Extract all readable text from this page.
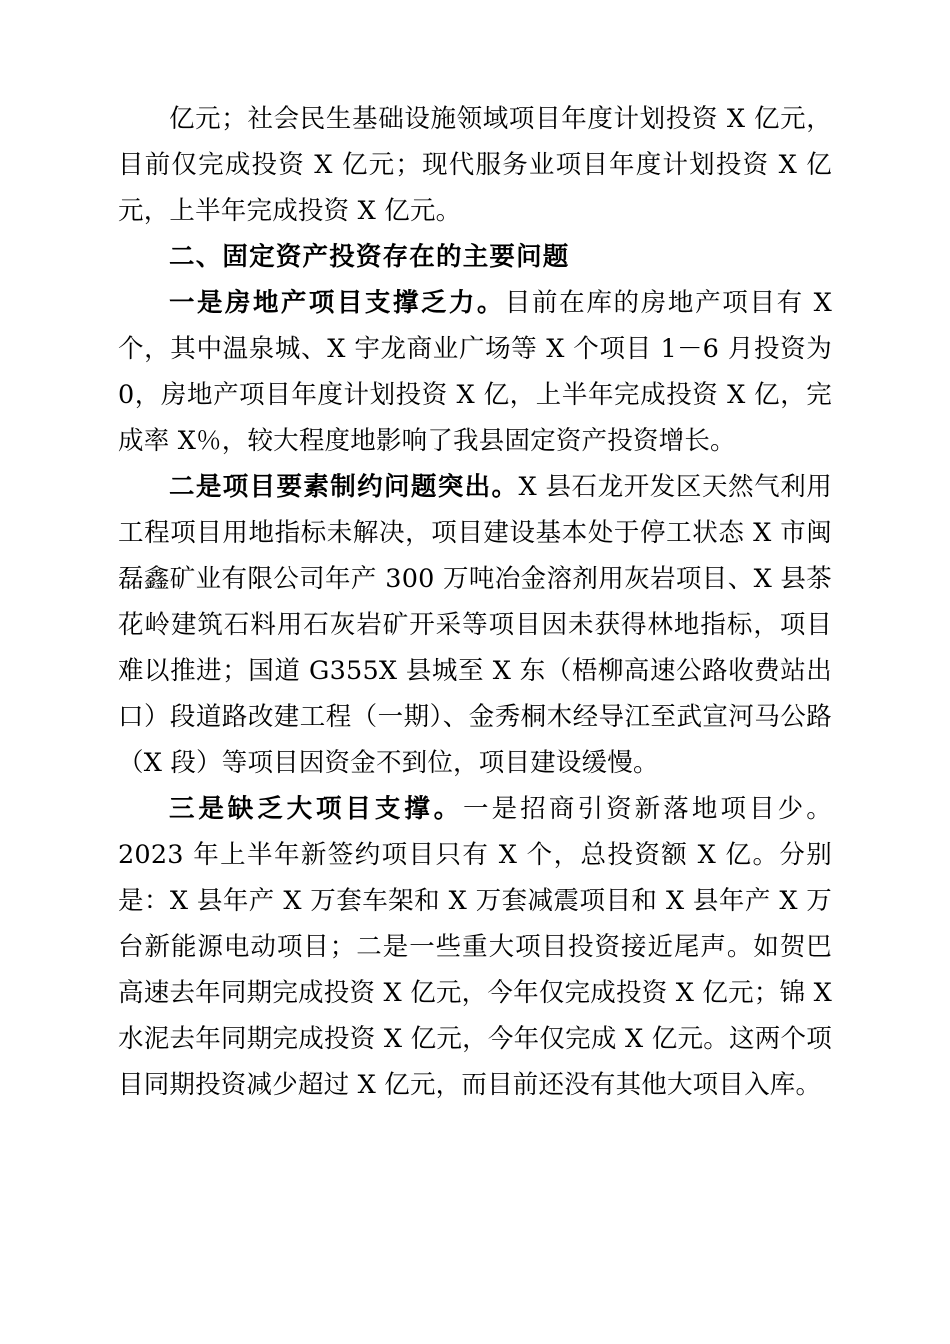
亿元；社会民生基础设施领域项目年度计划投资 X 亿元，目前仅完成投资 X 亿元；现代服务业项目年度计划投资 X 亿元，上半年完成投资 X 亿元。

二、固定资产投资存在的主要问题

一是房地产项目支撑乏力。目前在库的房地产项目有 X 个，其中温泉城、X 宇龙商业广场等 X 个项目 1－6 月投资为 0，房地产项目年度计划投资 X 亿，上半年完成投资 X 亿，完成率 X％，较大程度地影响了我县固定资产投资增长。

二是项目要素制约问题突出。X 县石龙开发区天然气利用工程项目用地指标未解决，项目建设基本处于停工状态 X 市闽磊鑫矿业有限公司年产 300 万吨冶金溶剂用灰岩项目、X 县茶花岭建筑石料用石灰岩矿开采等项目因未获得林地指标，项目难以推进；国道 G355X 县城至 X 东（梧柳高速公路收费站出口）段道路改建工程（一期）、金秀桐木经导江至武宣河马公路（X 段）等项目因资金不到位，项目建设缓慢。

三是缺乏大项目支撑。一是招商引资新落地项目少。2023 年上半年新签约项目只有 X 个，总投资额 X 亿。分别是：X 县年产 X 万套车架和 X 万套减震项目和 X 县年产 X 万台新能源电动项目；二是一些重大项目投资接近尾声。如贺巴高速去年同期完成投资 X 亿元，今年仅完成投资 X 亿元；锦 X 水泥去年同期完成投资 X 亿元，今年仅完成 X 亿元。这两个项目同期投资减少超过 X 亿元，而目前还没有其他大项目入库。
